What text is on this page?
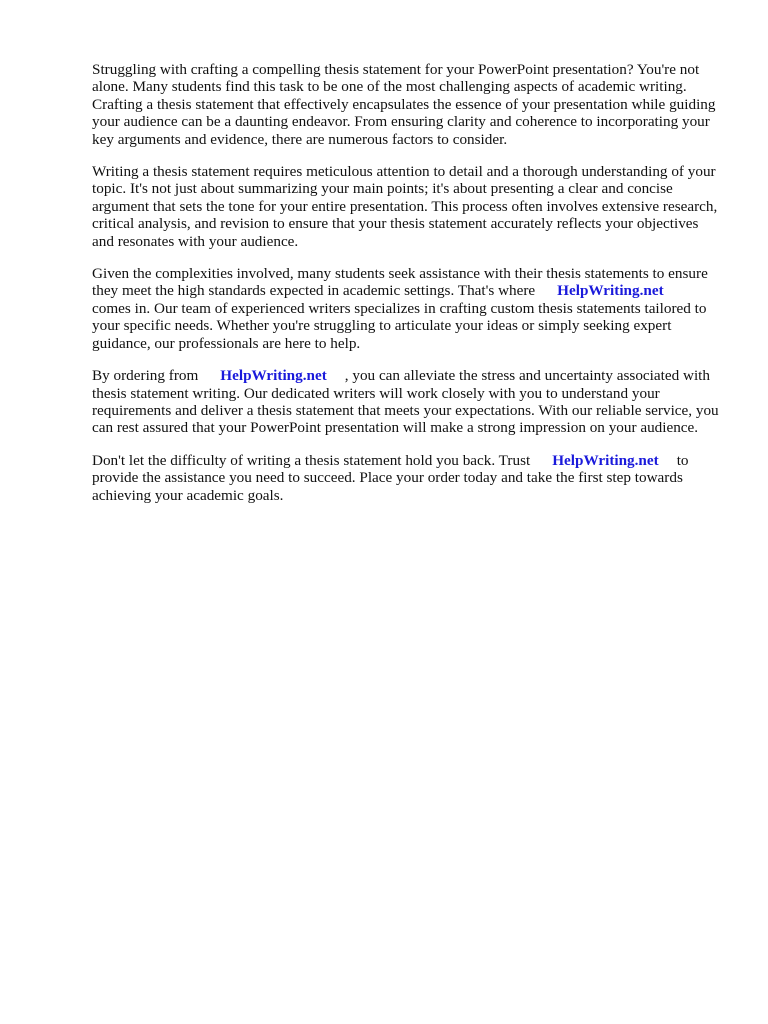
Struggling with crafting a compelling thesis statement for your PowerPoint presentation? You're not alone. Many students find this task to be one of the most challenging aspects of academic writing. Crafting a thesis statement that effectively encapsulates the essence of your presentation while guiding your audience can be a daunting endeavor. From ensuring clarity and coherence to incorporating your key arguments and evidence, there are numerous factors to consider.

Writing a thesis statement requires meticulous attention to detail and a thorough understanding of your topic. It's not just about summarizing your main points; it's about presenting a clear and concise argument that sets the tone for your entire presentation. This process often involves extensive research, critical analysis, and revision to ensure that your thesis statement accurately reflects your objectives and resonates with your audience.

Given the complexities involved, many students seek assistance with their thesis statements to ensure they meet the high standards expected in academic settings. That's where HelpWriting.net
comes in. Our team of experienced writers specializes in crafting custom thesis statements tailored to your specific needs. Whether you're struggling to articulate your ideas or simply seeking expert guidance, our professionals are here to help.

By ordering from HelpWriting.net , you can alleviate the stress and uncertainty associated with thesis statement writing. Our dedicated writers will work closely with you to understand your requirements and deliver a thesis statement that meets your expectations. With our reliable service, you can rest assured that your PowerPoint presentation will make a strong impression on your audience.

Don't let the difficulty of writing a thesis statement hold you back. Trust HelpWriting.net to provide the assistance you need to succeed. Place your order today and take the first step towards achieving your academic goals.
